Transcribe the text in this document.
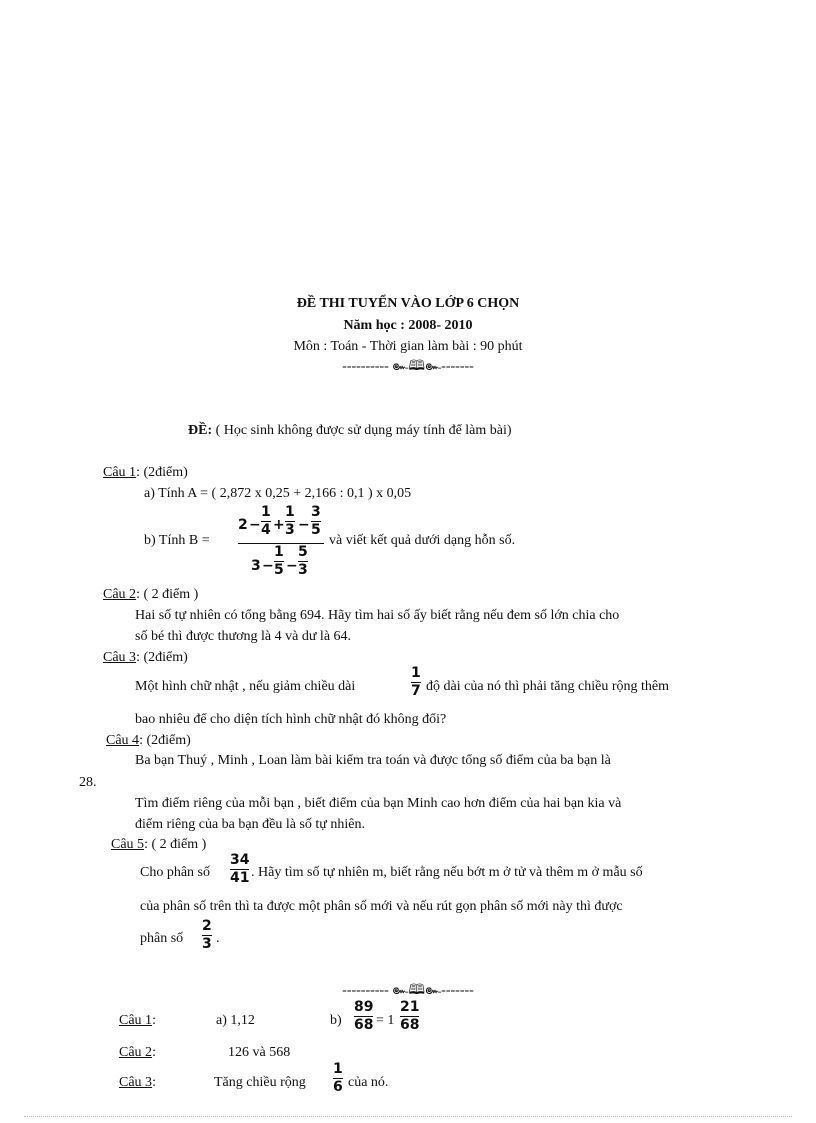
ĐỀ THI TUYỂN VÀO LỚP 6 CHỌN
Năm học : 2008- 2010
Môn : Toán - Thời gian làm bài : 90 phút
---------- ๛🕮๛-------
ĐỀ: ( Học sinh không được sử dụng máy tính để làm bài)
Câu 1: (2điểm)
a) Tính A = ( 2,872 x 0,25 + 2,166 : 0,1 ) x 0,05
b) Tính B =
2 −
1
4 +
1
3 −
3
5
3 −
1
5 −
5
3
và viết kết quả dưới dạng hỗn số.
Câu 2: ( 2 điểm )
Hai số tự nhiên có tổng bằng 694. Hãy tìm hai số ấy biết rằng nếu đem số lớn chia cho
số bé thì được thương là 4 và dư là 64.
Câu 3: (2điểm)
Một hình chữ nhật , nếu giảm chiều dài
1
7 độ dài của nó thì phải tăng chiều rộng thêm
bao nhiêu để cho diện tích hình chữ nhật đó không đổi?
Câu 4: (2điểm)
Ba bạn Thuý , Minh , Loan làm bài kiểm tra toán và được tổng số điểm của ba bạn là
28.
Tìm điểm riêng của mỗi bạn , biết điểm của bạn Minh cao hơn điểm của hai bạn kia và
điểm riêng của ba bạn đều là số tự nhiên.
Câu 5: ( 2 điểm )
Cho phân số
34
41 . Hãy tìm số tự nhiên m, biết rằng nếu bớt m ở tử và thêm m ở mẫu số
của phân số trên thì ta được một phân số mới và nếu rút gọn phân số mới này thì được
phân số
2
3 .
---------- ๛🕮๛-------
Câu 1:	a) 1,12	b)
89
68 = 1
21
68
Câu 2:	126 và 568
Câu 3:	Tăng chiều rộng
1
6 của nó.
